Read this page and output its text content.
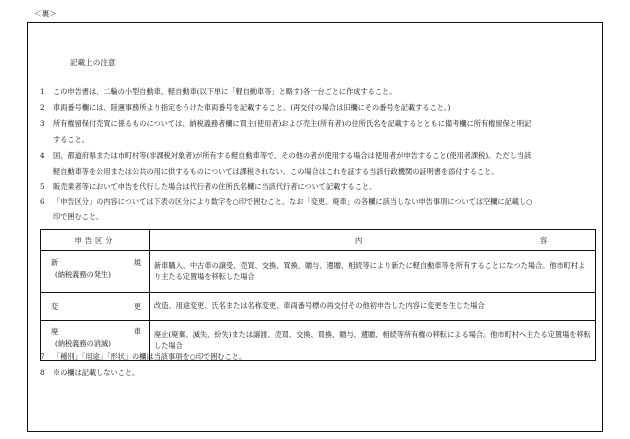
＜裏＞
記載上の注意
1 この申告書は、二輪の小型自動車、軽自動車(以下単に「軽自動車等」と略す)各一台ごとに作成すること。
2 車両番号欄には、陸運事務所より指定をうけた車両番号を記載すること。(再交付の場合は旧欄にその番号を記載すること。)
3 所有権留保付売買に係るものについては、納税義務者欄に買主(使用者)および売主(所有者)の住所氏名を記載するとともに備考欄に所有権留保と明記
すること。
4 国、都道府県または市町村等(非課税対象者)が所有する軽自動車等で、その他の者が使用する場合は使用者が申告すること(使用者課税)。ただし当該
軽自動車等を公用または公共の用に供するものについては課税されない。この場合はこれを証する当該行政機関の証明書を添付すること。
5 販売業者等において申告を代行した場合は代行者の住所氏名欄に当該代行者について記載すること。
6 「申告区分」の内容については下表の区分により数字を○印で囲むこと。なお「変更、廃車」の各欄に該当しない申告事項については空欄に記載し○
印で囲むこと。
申告区分	内 容

新 規
(納税義務の発生)	新車購入、中古車の譲受、売買、交換、買換、贈与、遺贈、相続等により新たに軽自動車等を所有することになつた場合。他市町村より主たる定置場を移転した場合

変 更	改造、用途変更、氏名または名称変更、車両番号標の再交付その他初申告した内容に変更を生じた場合

廃 車
(納税義務の消滅)	廃止(廃棄、滅失、紛失)または譲渡、売買、交換、買換、贈与、遺贈、相続等所有権の移転による場合。他市町村へ主たる定置場を移転した場合
7 「種別」「用途」「形状」の欄は当該事項を○印で囲むこと。
8 ※の欄は記載しないこと。
